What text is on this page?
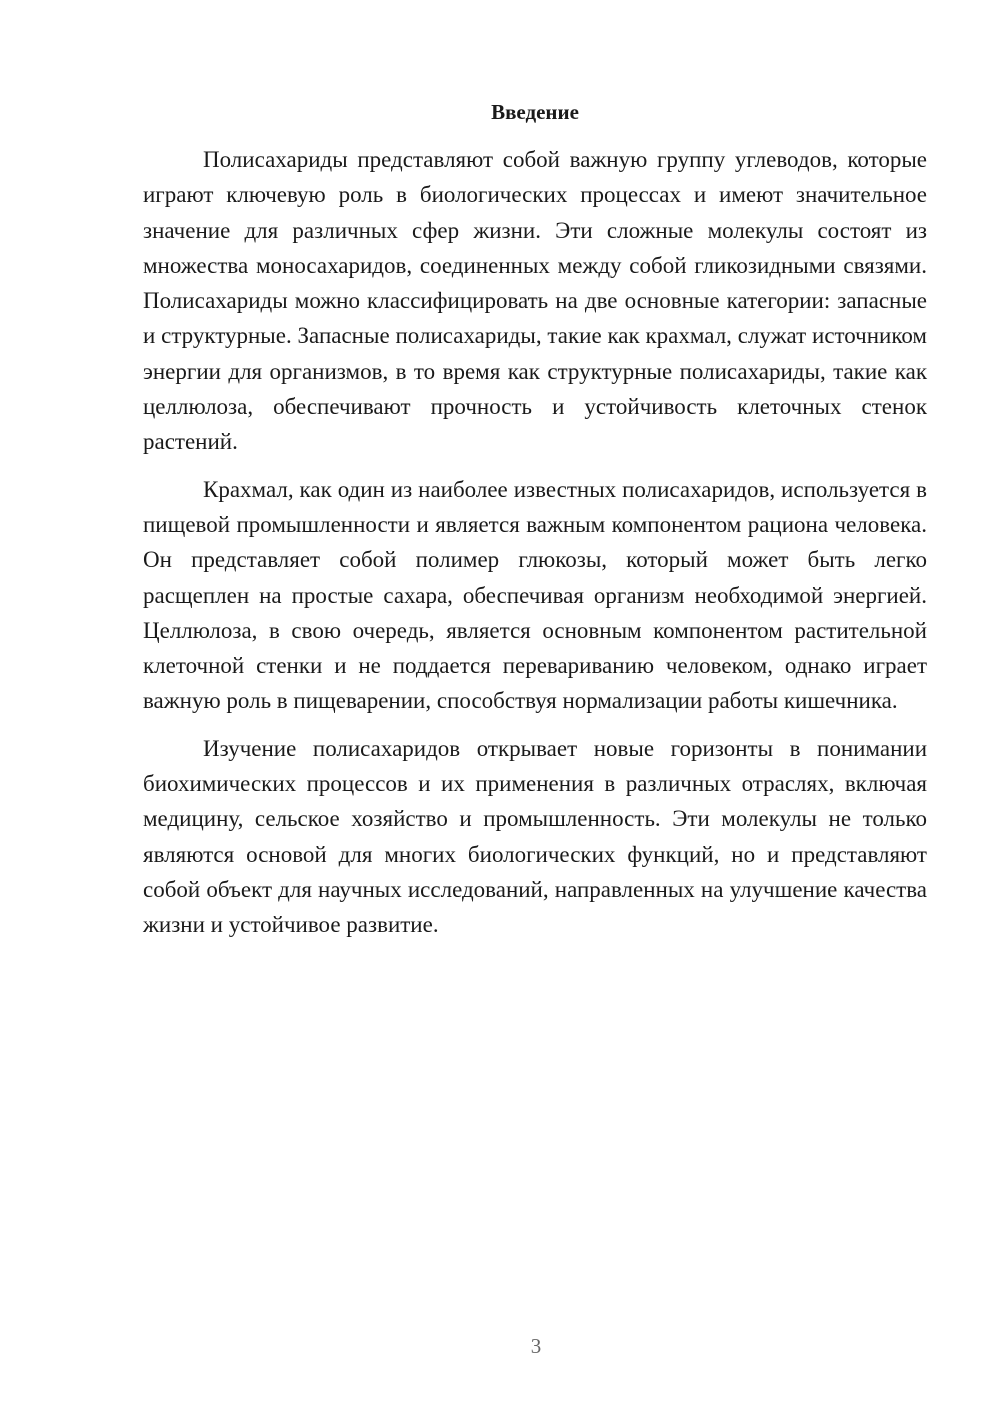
Введение

Полисахариды представляют собой важную группу углеводов, которые играют ключевую роль в биологических процессах и имеют значительное значение для различных сфер жизни. Эти сложные молекулы состоят из множества моносахаридов, соединенных между собой гликозидными связями. Полисахариды можно классифицировать на две основные категории: запасные и структурные. Запасные полисахариды, такие как крахмал, служат источником энергии для организмов, в то время как структурные полисахариды, такие как целлюлоза, обеспечивают прочность и устойчивость клеточных стенок растений.

Крахмал, как один из наиболее известных полисахаридов, используется в пищевой промышленности и является важным компонентом рациона человека. Он представляет собой полимер глюкозы, который может быть легко расщеплен на простые сахара, обеспечивая организм необходимой энергией. Целлюлоза, в свою очередь, является основным компонентом растительной клеточной стенки и не поддается перевариванию человеком, однако играет важную роль в пищеварении, способствуя нормализации работы кишечника.

Изучение полисахаридов открывает новые горизонты в понимании биохимических процессов и их применения в различных отраслях, включая медицину, сельское хозяйство и промышленность. Эти молекулы не только являются основой для многих биологических функций, но и представляют собой объект для научных исследований, направленных на улучшение качества жизни и устойчивое развитие.

3
